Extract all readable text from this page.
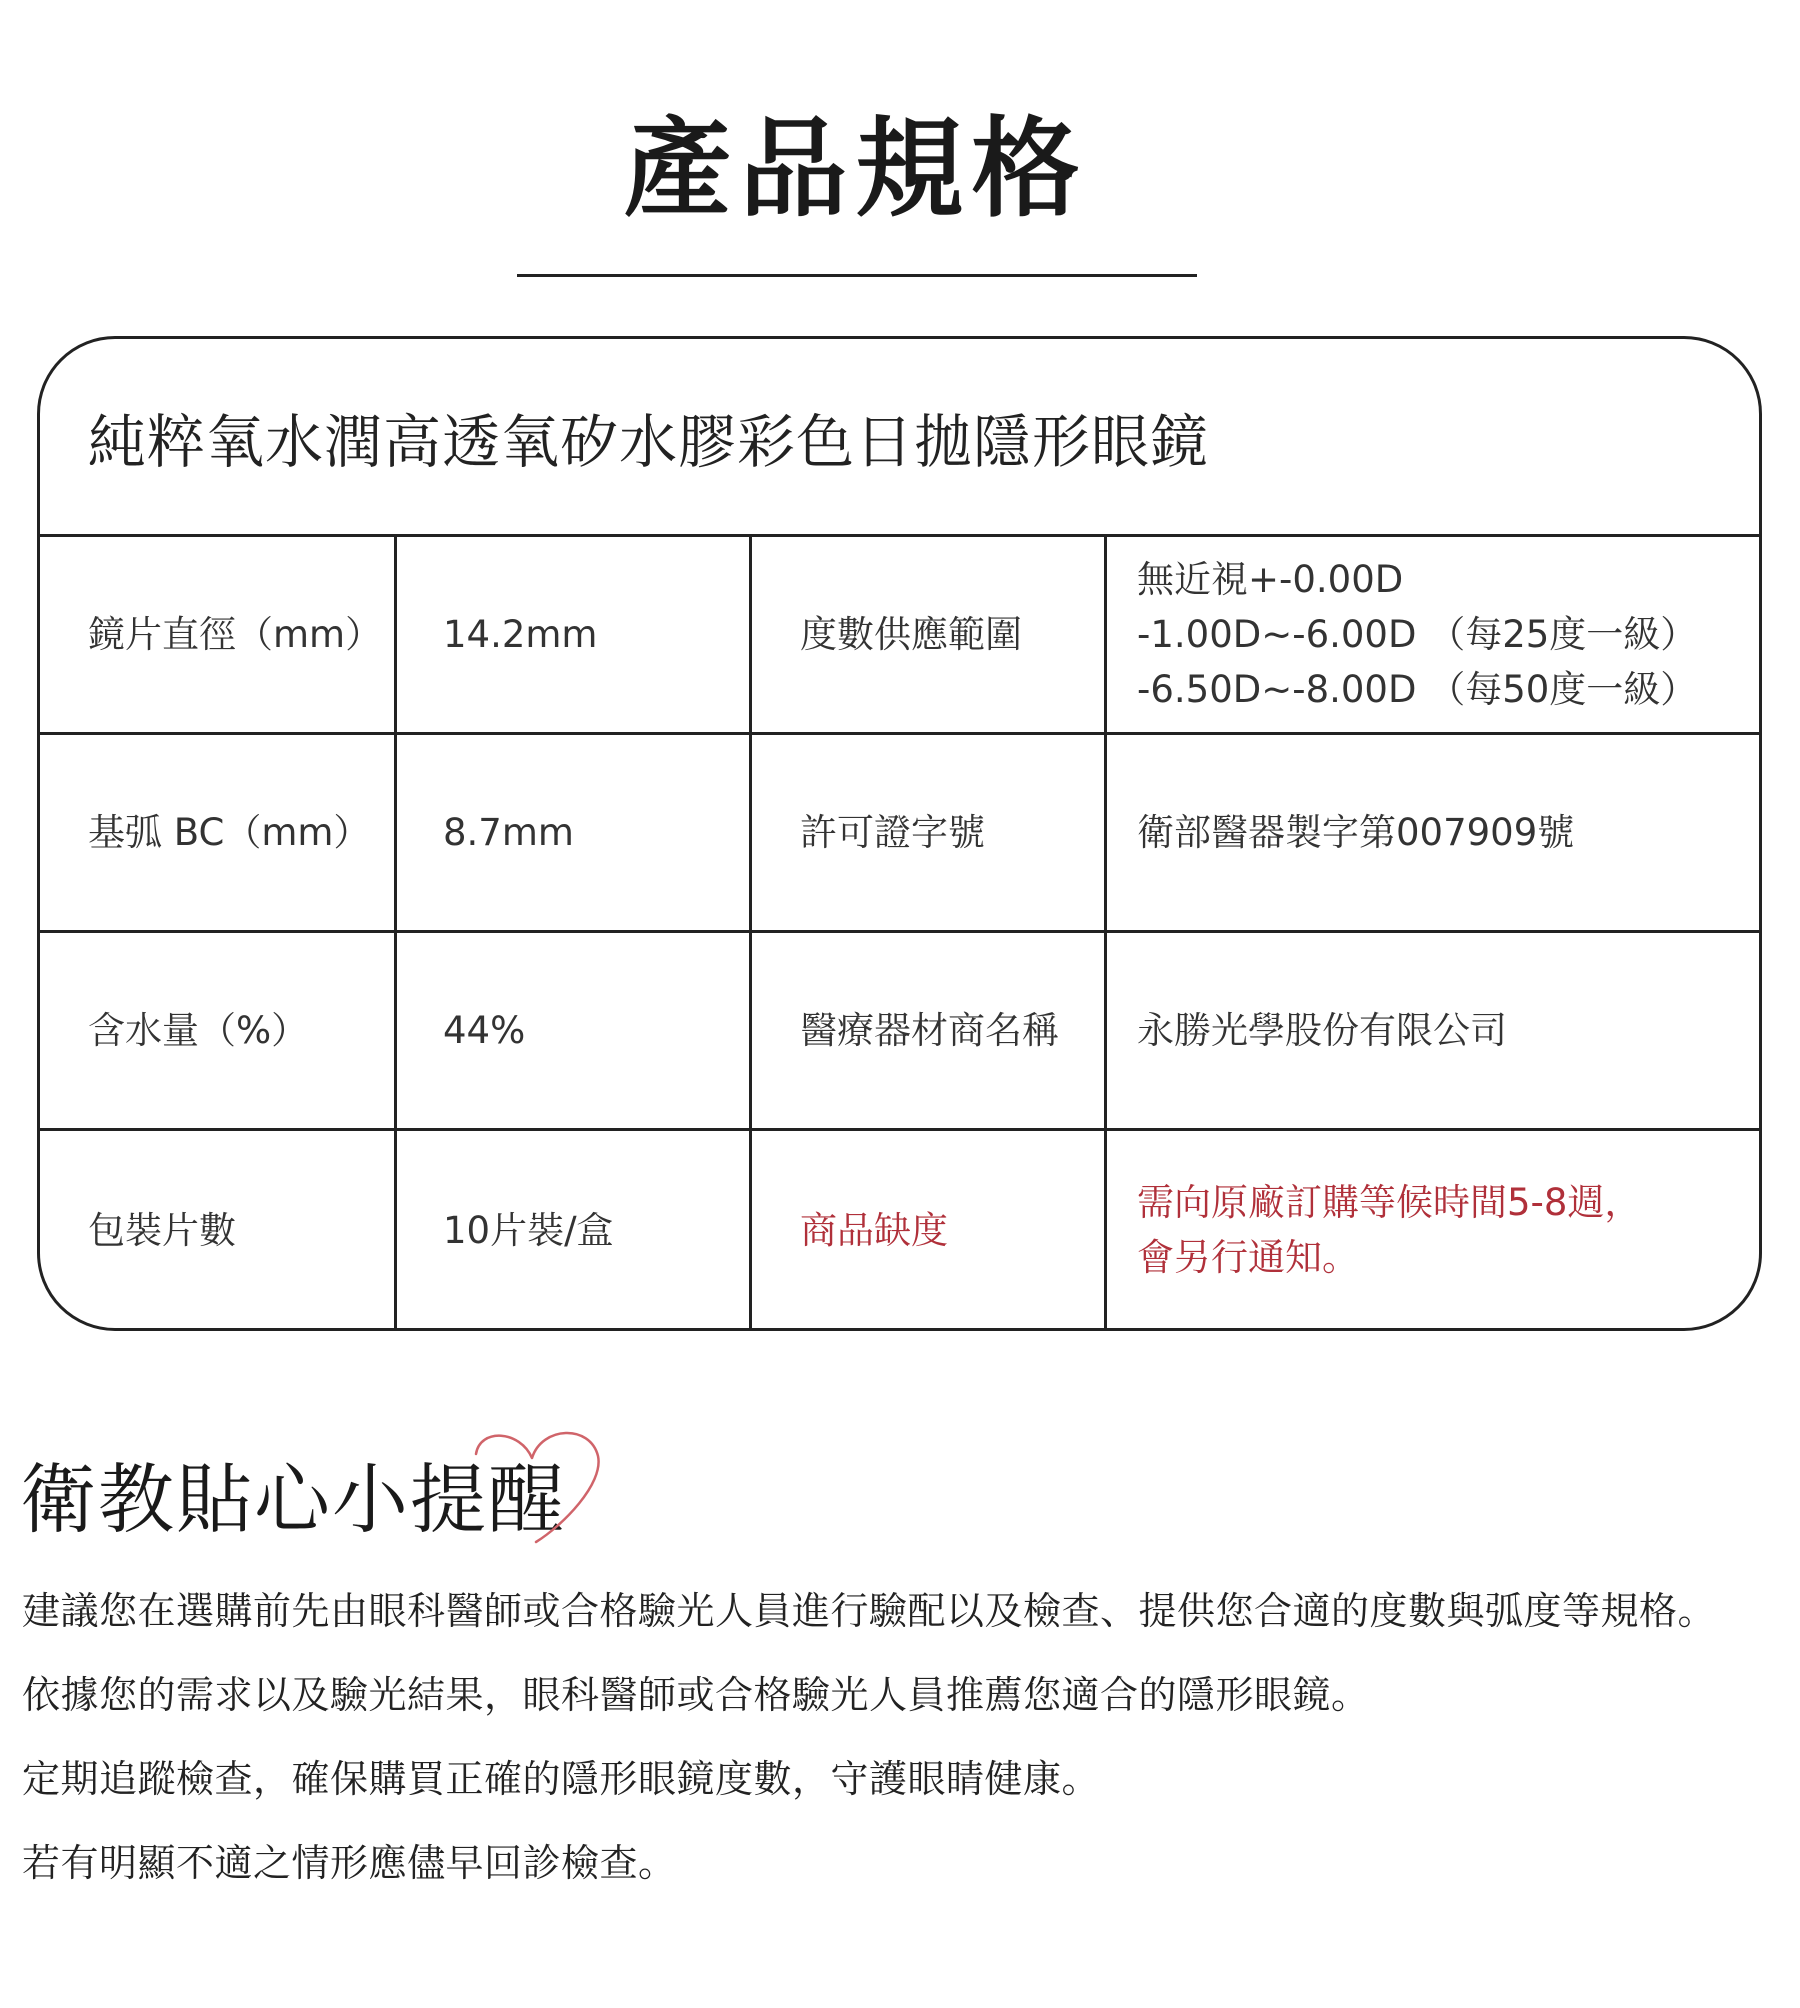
產品規格
純粹氧水潤高透氧矽水膠彩色日拋隱形眼鏡
鏡片直徑（mm）	14.2mm	度數供應範圍
無近視+-0.00D
-1.00D~-6.00D （每25度一級）
-6.50D~-8.00D （每50度一級）
基弧 BC（mm）	8.7mm	許可證字號	衛部醫器製字第007909號
含水量（%）	44%	醫療器材商名稱	永勝光學股份有限公司
包裝片數	10片裝/盒	商品缺度
需向原廠訂購等候時間5-8週，
會另行通知。
衛教貼心小提醒
建議您在選購前先由眼科醫師或合格驗光人員進行驗配以及檢查、提供您合適的度數與弧度等規格。
依據您的需求以及驗光結果，眼科醫師或合格驗光人員推薦您適合的隱形眼鏡。
定期追蹤檢查，確保購買正確的隱形眼鏡度數，守護眼睛健康。
若有明顯不適之情形應儘早回診檢查。
